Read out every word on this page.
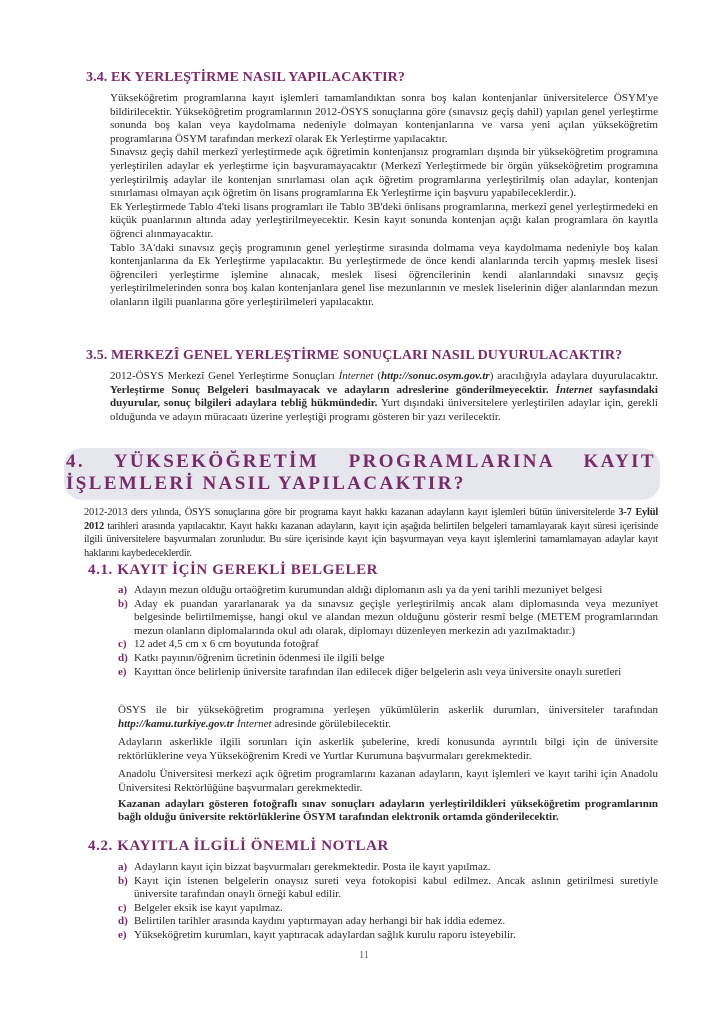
3.4. EK YERLEŞTİRME NASIL YAPILACAKTIR?

Yükseköğretim programlarına kayıt işlemleri tamamlandıktan sonra boş kalan kontenjanlar üniversitelerce ÖSYM'ye bildirilecektir. Yükseköğretim programlarının 2012-ÖSYS sonuçlarına göre (sınavsız geçiş dahil) yapılan genel yerleştirme sonunda boş kalan veya kaydolmama nedeniyle dolmayan kontenjanlarına ve varsa yeni açılan yükseköğretim programlarına ÖSYM tarafından merkezî olarak Ek Yerleştirme yapılacaktır.

Sınavsız geçiş dahil merkezî yerleştirmede açık öğretimin kontenjansız programları dışında bir yükseköğretim programına yerleştirilen adaylar ek yerleştirme için başvuramayacaktır (Merkezî Yerleştirmede bir örgün yükseköğretim programına yerleştirilmiş adaylar ile kontenjan sınırlaması olan açık öğretim programlarına yerleştirilmiş olan adaylar, kontenjan sınırlaması olmayan açık öğretim ön lisans programlarına Ek Yerleştirme için başvuru yapabileceklerdir.).

Ek Yerleştirmede Tablo 4'teki lisans programları ile Tablo 3B'deki önlisans programlarına, merkezî genel yerleştirmedeki en küçük puanlarının altında aday yerleştirilmeyecektir. Kesin kayıt sonunda kontenjan açığı kalan programlara ön kayıtla öğrenci alınmayacaktır.

Tablo 3A'daki sınavsız geçiş programının genel yerleştirme sırasında dolmama veya kaydolmama nedeniyle boş kalan kontenjanlarına da Ek Yerleştirme yapılacaktır. Bu yerleştirmede de önce kendi alanlarında tercih yapmış meslek lisesi öğrencileri yerleştirme işlemine alınacak, meslek lisesi öğrencilerinin kendi alanlarındaki sınavsız geçiş yerleştirilmelerinden sonra boş kalan kontenjanlara genel lise mezunlarının ve meslek liselerinin diğer alanlarından mezun olanların ilgili puanlarına göre yerleştirilmeleri yapılacaktır.

3.5. MERKEZÎ GENEL YERLEŞTİRME SONUÇLARI NASIL DUYURULACAKTIR?

2012-ÖSYS Merkezî Genel Yerleştirme Sonuçları İnternet (http://sonuc.osym.gov.tr) aracılığıyla adaylara duyurulacaktır. Yerleştirme Sonuç Belgeleri basılmayacak ve adayların adreslerine gönderilmeyecektir. İnternet sayfasındaki duyurular, sonuç bilgileri adaylara tebliğ hükmündedir. Yurt dışındaki üniversitelere yerleştirilen adaylar için, gerekli olduğunda ve adayın müracaatı üzerine yerleştiği programı gösteren bir yazı verilecektir.

4. YÜKSEKÖĞRETİM PROGRAMLARINA KAYIT İŞLEMLERİ NASIL YAPILACAKTIR?

2012-2013 ders yılında, ÖSYS sonuçlarına göre bir programa kayıt hakkı kazanan adayların kayıt işlemleri bütün üniversitelerde 3-7 Eylül 2012 tarihleri arasında yapılacaktır. Kayıt hakkı kazanan adayların, kayıt için aşağıda belirtilen belgeleri tamamlayarak kayıt süresi içerisinde ilgili üniversitelere başvurmaları zorunludur. Bu süre içerisinde kayıt için başvurmayan veya kayıt işlemlerini tamamlamayan adaylar kayıt haklarını kaybedeceklerdir.

4.1. KAYIT İÇİN GEREKLİ BELGELER
a) Adayın mezun olduğu ortaöğretim kurumundan aldığı diplomanın aslı ya da yeni tarihli mezuniyet belgesi
b) Aday ek puandan yararlanarak ya da sınavsız geçişle yerleştirilmiş ancak alanı diplomasında veya mezuniyet belgesinde belirtilmemişse, hangi okul ve alandan mezun olduğunu gösterir resmî belge (METEM programlarından mezun olanların diplomalarında okul adı olarak, diplomayı düzenleyen merkezin adı yazılmaktadır.)
c) 12 adet 4,5 cm x 6 cm boyutunda fotoğraf
d) Katkı payının/öğrenim ücretinin ödenmesi ile ilgili belge
e) Kayıttan önce belirlenip üniversite tarafından ilan edilecek diğer belgelerin aslı veya üniversite onaylı suretleri

ÖSYS ile bir yükseköğretim programına yerleşen yükümlülerin askerlik durumları, üniversiteler tarafından http://kamu.turkiye.gov.tr İnternet adresinde görülebilecektir.

Adayların askerlikle ilgili sorunları için askerlik şubelerine, kredi konusunda ayrıntılı bilgi için de üniversite rektörlüklerine veya Yükseköğrenim Kredi ve Yurtlar Kurumuna başvurmaları gerekmektedir.

Anadolu Üniversitesi merkezi açık öğretim programlarını kazanan adayların, kayıt işlemleri ve kayıt tarihi için Anadolu Üniversitesi Rektörlüğüne başvurmaları gerekmektedir.

Kazanan adayları gösteren fotoğraflı sınav sonuçları adayların yerleştirildikleri yükseköğretim programlarının bağlı olduğu üniversite rektörlüklerine ÖSYM tarafından elektronik ortamda gönderilecektir.

4.2. KAYITLA İLGİLİ ÖNEMLİ NOTLAR
a) Adayların kayıt için bizzat başvurmaları gerekmektedir. Posta ile kayıt yapılmaz.
b) Kayıt için istenen belgelerin onaysız sureti veya fotokopisi kabul edilmez. Ancak aslının getirilmesi suretiyle üniversite tarafından onaylı örneği kabul edilir.
c) Belgeler eksik ise kayıt yapılmaz.
d) Belirtilen tarihler arasında kaydını yaptırmayan aday herhangi bir hak iddia edemez.
e) Yükseköğretim kurumları, kayıt yaptıracak adaylardan sağlık kurulu raporu isteyebilir.
11
